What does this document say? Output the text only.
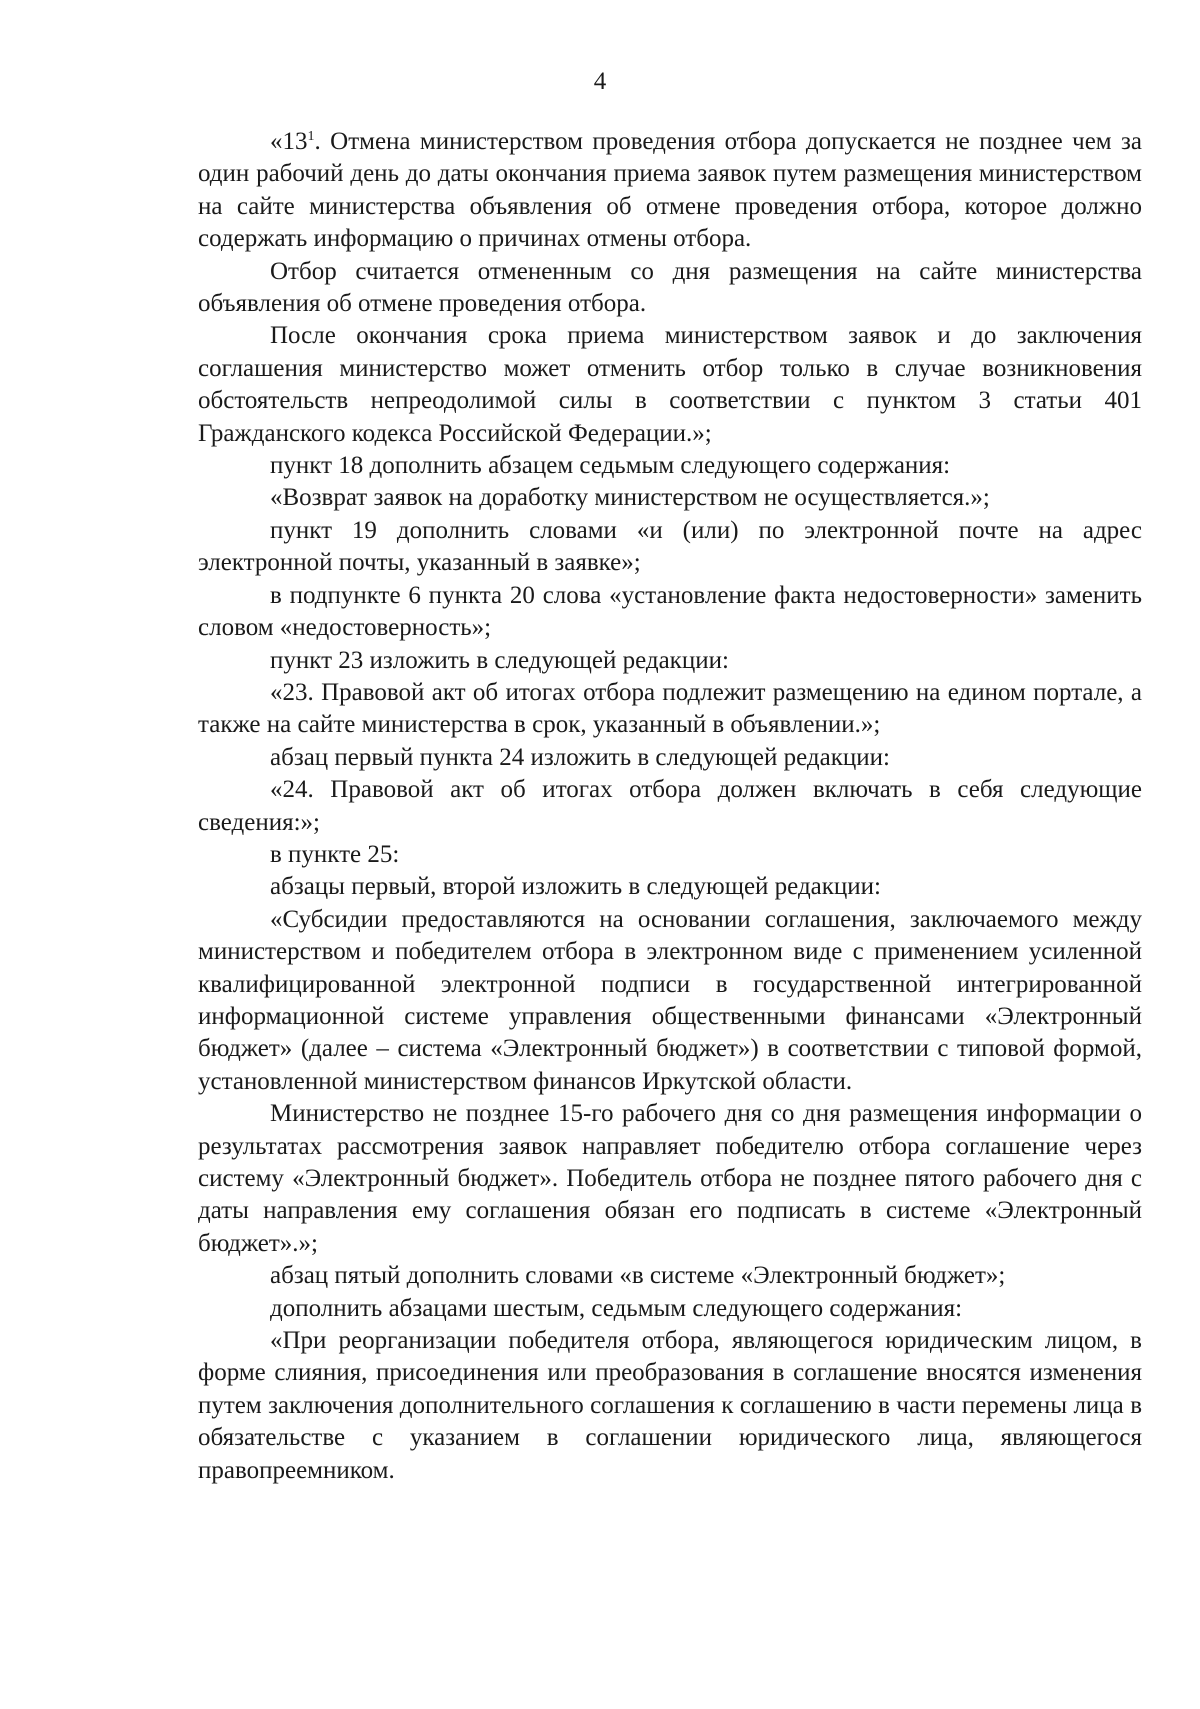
4

«$13^1$. Отмена министерством проведения отбора допускается не позднее чем за один рабочий день до даты окончания приема заявок путем размещения министерством на сайте министерства объявления об отмене проведения отбора, которое должно содержать информацию о причинах отмены отбора.

Отбор считается отмененным со дня размещения на сайте министерства объявления об отмене проведения отбора.

После окончания срока приема министерством заявок и до заключения соглашения министерство может отменить отбор только в случае возникновения обстоятельств непреодолимой силы в соответствии с пунктом 3 статьи 401 Гражданского кодекса Российской Федерации.»;

пункт 18 дополнить абзацем седьмым следующего содержания:

«Возврат заявок на доработку министерством не осуществляется.»;

пункт 19 дополнить словами «и (или) по электронной почте на адрес электронной почты, указанный в заявке»;

в подпункте 6 пункта 20 слова «установление факта недостоверности» заменить словом «недостоверность»;

пункт 23 изложить в следующей редакции:

«23. Правовой акт об итогах отбора подлежит размещению на едином портале, а также на сайте министерства в срок, указанный в объявлении.»;

абзац первый пункта 24 изложить в следующей редакции:

«24. Правовой акт об итогах отбора должен включать в себя следующие сведения:»;

в пункте 25:

абзацы первый, второй изложить в следующей редакции:

«Субсидии предоставляются на основании соглашения, заключаемого между министерством и победителем отбора в электронном виде с применением усиленной квалифицированной электронной подписи в государственной интегрированной информационной системе управления общественными финансами «Электронный бюджет» (далее – система «Электронный бюджет») в соответствии с типовой формой, установленной министерством финансов Иркутской области.

Министерство не позднее 15-го рабочего дня со дня размещения информации о результатах рассмотрения заявок направляет победителю отбора соглашение через систему «Электронный бюджет». Победитель отбора не позднее пятого рабочего дня с даты направления ему соглашения обязан его подписать в системе «Электронный бюджет».»;

абзац пятый дополнить словами «в системе «Электронный бюджет»;

дополнить абзацами шестым, седьмым следующего содержания:

«При реорганизации победителя отбора, являющегося юридическим лицом, в форме слияния, присоединения или преобразования в соглашение вносятся изменения путем заключения дополнительного соглашения к соглашению в части перемены лица в обязательстве с указанием в соглашении юридического лица, являющегося правопреемником.
